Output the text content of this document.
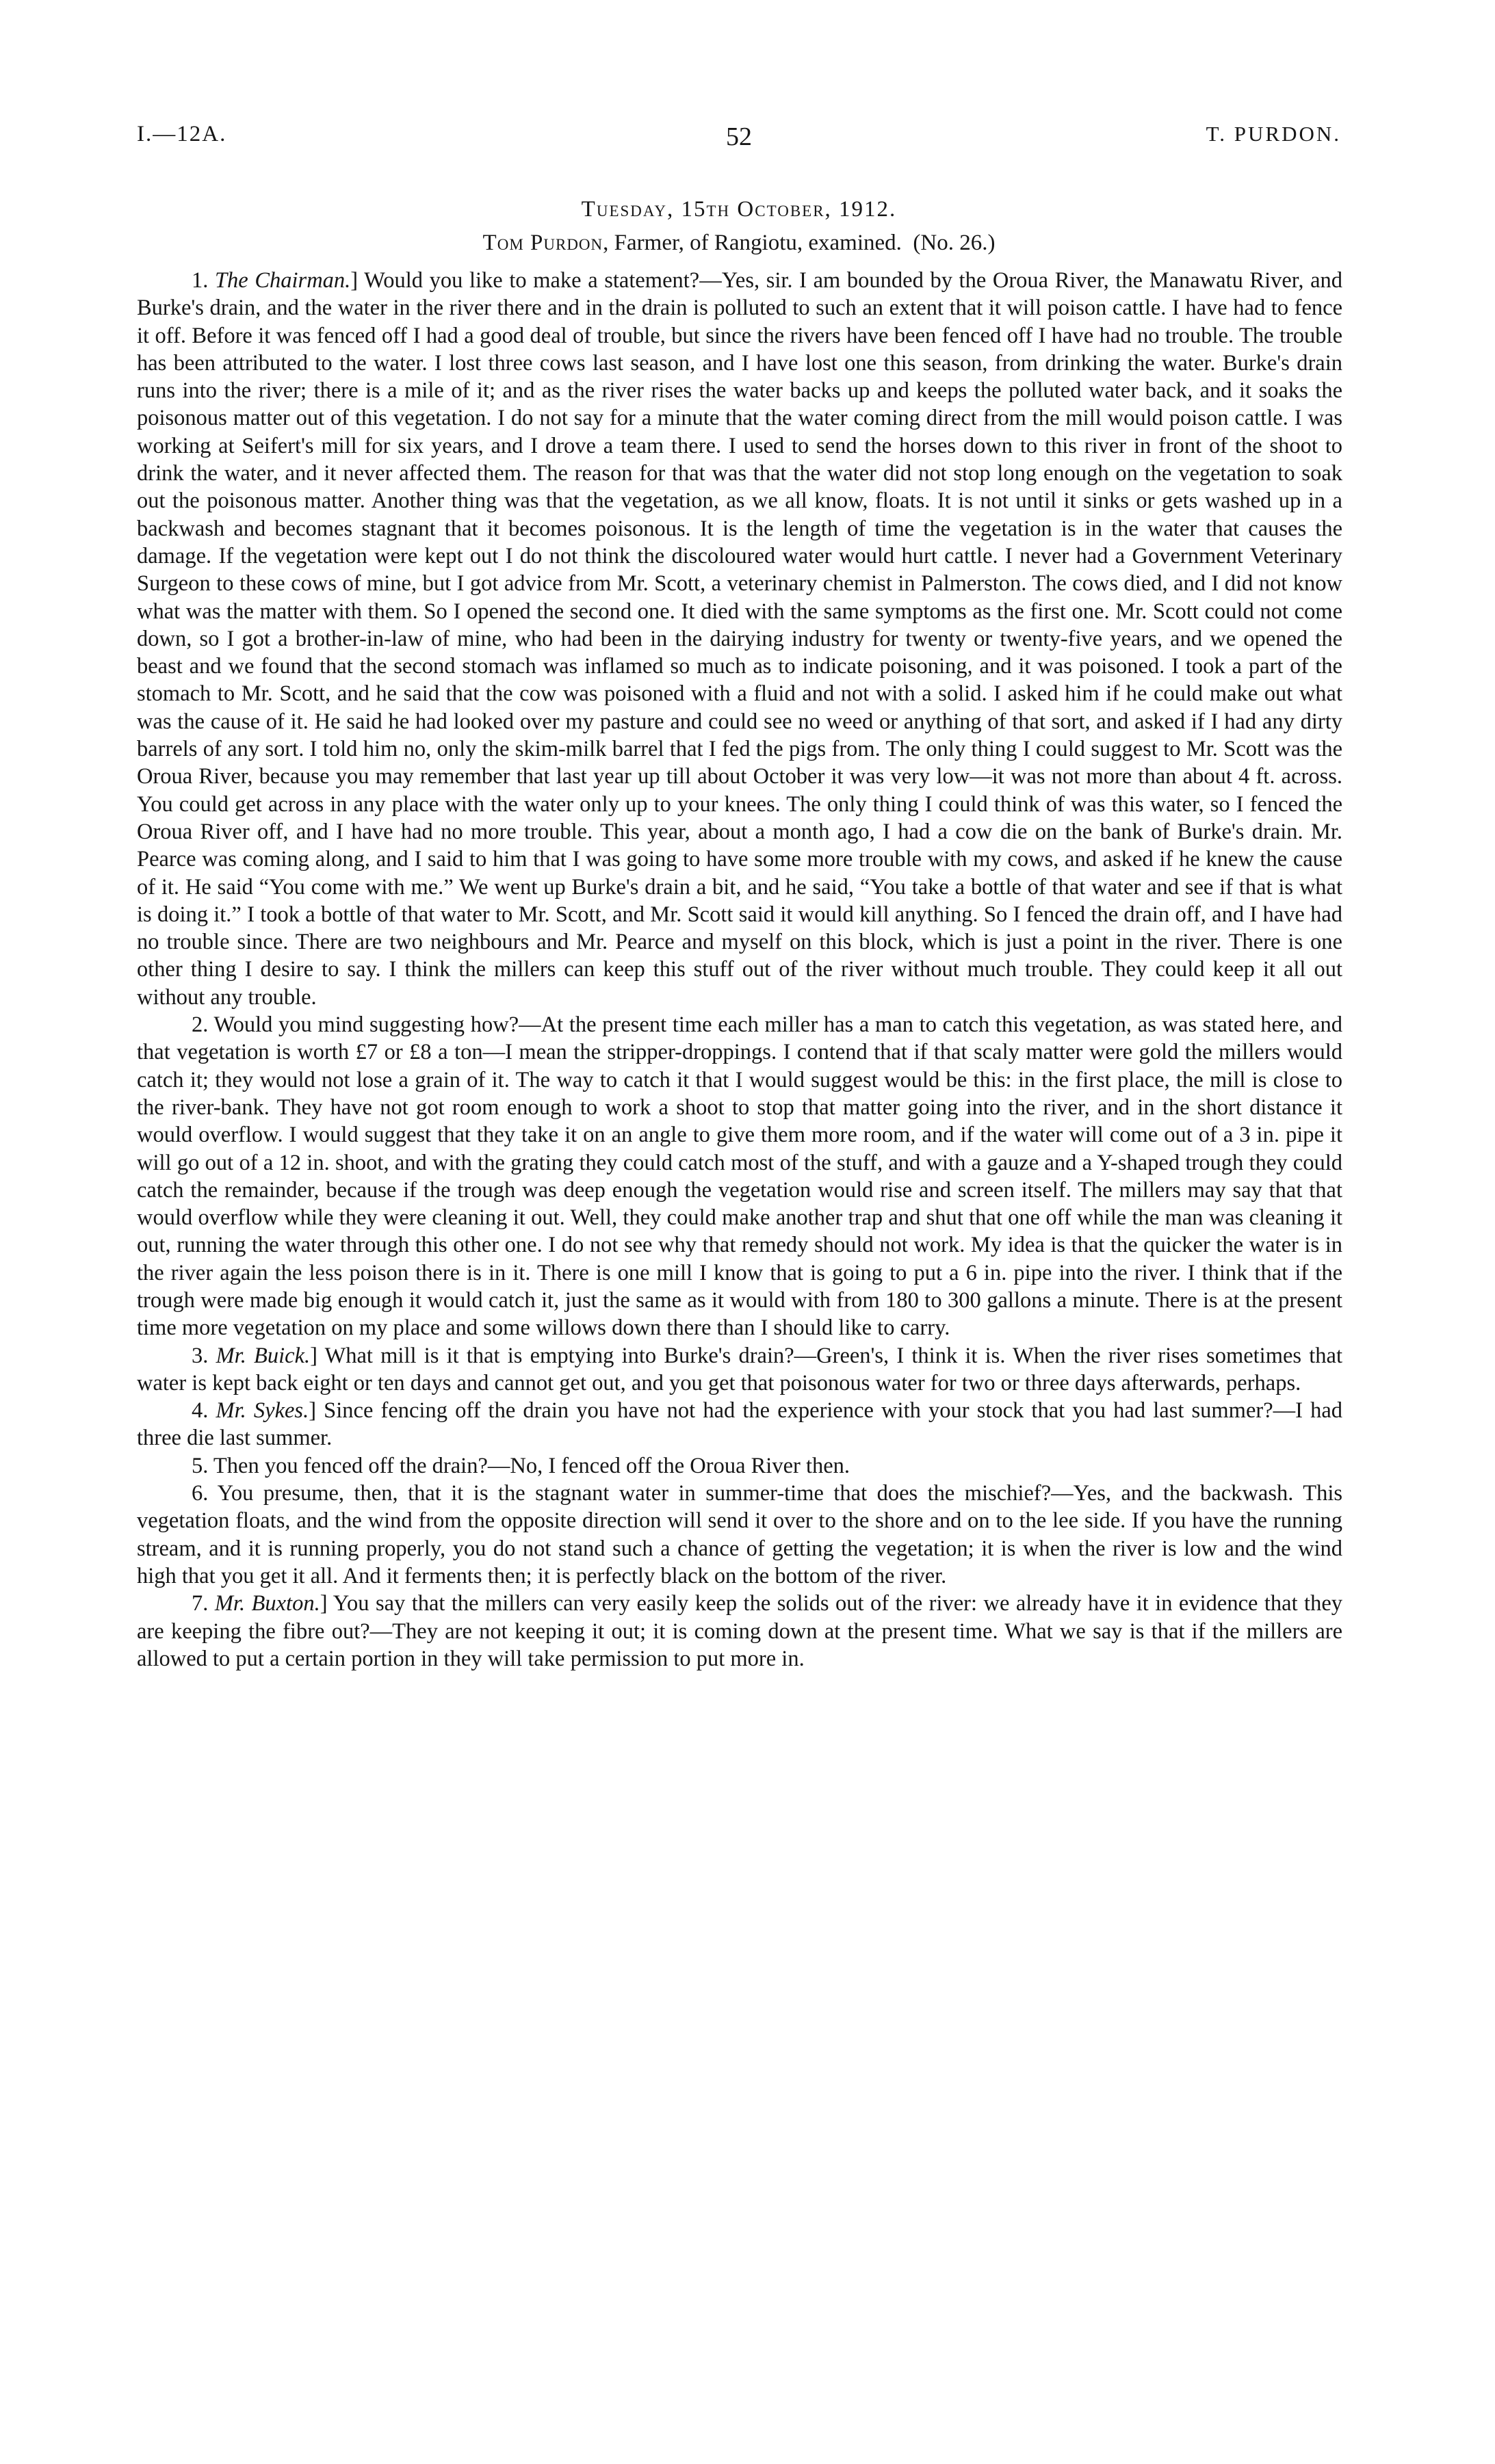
I.—12A.	52	T. PURDON.
Tuesday, 15th October, 1912.
Tom Purdon, Farmer, of Rangiotu, examined. (No. 26.)

1. The Chairman.] Would you like to make a statement?—Yes, sir. I am bounded by the Oroua River, the Manawatu River, and Burke's drain, and the water in the river there and in the drain is polluted to such an extent that it will poison cattle. I have had to fence it off. Before it was fenced off I had a good deal of trouble, but since the rivers have been fenced off I have had no trouble. The trouble has been attributed to the water. I lost three cows last season, and I have lost one this season, from drinking the water. Burke's drain runs into the river; there is a mile of it; and as the river rises the water backs up and keeps the polluted water back, and it soaks the poisonous matter out of this vegetation. I do not say for a minute that the water coming direct from the mill would poison cattle. I was working at Seifert's mill for six years, and I drove a team there. I used to send the horses down to this river in front of the shoot to drink the water, and it never affected them. The reason for that was that the water did not stop long enough on the vegetation to soak out the poisonous matter. Another thing was that the vegetation, as we all know, floats. It is not until it sinks or gets washed up in a backwash and becomes stagnant that it becomes poisonous. It is the length of time the vegetation is in the water that causes the damage. If the vegetation were kept out I do not think the discoloured water would hurt cattle. I never had a Government Veterinary Surgeon to these cows of mine, but I got advice from Mr. Scott, a veterinary chemist in Palmerston. The cows died, and I did not know what was the matter with them. So I opened the second one. It died with the same symptoms as the first one. Mr. Scott could not come down, so I got a brother-in-law of mine, who had been in the dairying industry for twenty or twenty-five years, and we opened the beast and we found that the second stomach was inflamed so much as to indicate poisoning, and it was poisoned. I took a part of the stomach to Mr. Scott, and he said that the cow was poisoned with a fluid and not with a solid. I asked him if he could make out what was the cause of it. He said he had looked over my pasture and could see no weed or anything of that sort, and asked if I had any dirty barrels of any sort. I told him no, only the skim-milk barrel that I fed the pigs from. The only thing I could suggest to Mr. Scott was the Oroua River, because you may remember that last year up till about October it was very low—it was not more than about 4 ft. across. You could get across in any place with the water only up to your knees. The only thing I could think of was this water, so I fenced the Oroua River off, and I have had no more trouble. This year, about a month ago, I had a cow die on the bank of Burke's drain. Mr. Pearce was coming along, and I said to him that I was going to have some more trouble with my cows, and asked if he knew the cause of it. He said “You come with me.” We went up Burke's drain a bit, and he said, “You take a bottle of that water and see if that is what is doing it.” I took a bottle of that water to Mr. Scott, and Mr. Scott said it would kill anything. So I fenced the drain off, and I have had no trouble since. There are two neighbours and Mr. Pearce and myself on this block, which is just a point in the river. There is one other thing I desire to say. I think the millers can keep this stuff out of the river without much trouble. They could keep it all out without any trouble.

2. Would you mind suggesting how?—At the present time each miller has a man to catch this vegetation, as was stated here, and that vegetation is worth £7 or £8 a ton—I mean the stripper-droppings. I contend that if that scaly matter were gold the millers would catch it; they would not lose a grain of it. The way to catch it that I would suggest would be this: in the first place, the mill is close to the river-bank. They have not got room enough to work a shoot to stop that matter going into the river, and in the short distance it would overflow. I would suggest that they take it on an angle to give them more room, and if the water will come out of a 3 in. pipe it will go out of a 12 in. shoot, and with the grating they could catch most of the stuff, and with a gauze and a Y-shaped trough they could catch the remainder, because if the trough was deep enough the vegetation would rise and screen itself. The millers may say that that would overflow while they were cleaning it out. Well, they could make another trap and shut that one off while the man was cleaning it out, running the water through this other one. I do not see why that remedy should not work. My idea is that the quicker the water is in the river again the less poison there is in it. There is one mill I know that is going to put a 6 in. pipe into the river. I think that if the trough were made big enough it would catch it, just the same as it would with from 180 to 300 gallons a minute. There is at the present time more vegetation on my place and some willows down there than I should like to carry.

3. Mr. Buick.] What mill is it that is emptying into Burke's drain?—Green's, I think it is. When the river rises sometimes that water is kept back eight or ten days and cannot get out, and you get that poisonous water for two or three days afterwards, perhaps.

4. Mr. Sykes.] Since fencing off the drain you have not had the experience with your stock that you had last summer?—I had three die last summer.

5. Then you fenced off the drain?—No, I fenced off the Oroua River then.

6. You presume, then, that it is the stagnant water in summer-time that does the mischief?—Yes, and the backwash. This vegetation floats, and the wind from the opposite direction will send it over to the shore and on to the lee side. If you have the running stream, and it is running properly, you do not stand such a chance of getting the vegetation; it is when the river is low and the wind high that you get it all. And it ferments then; it is perfectly black on the bottom of the river.

7. Mr. Buxton.] You say that the millers can very easily keep the solids out of the river: we already have it in evidence that they are keeping the fibre out?—They are not keeping it out; it is coming down at the present time. What we say is that if the millers are allowed to put a certain portion in they will take permission to put more in.
